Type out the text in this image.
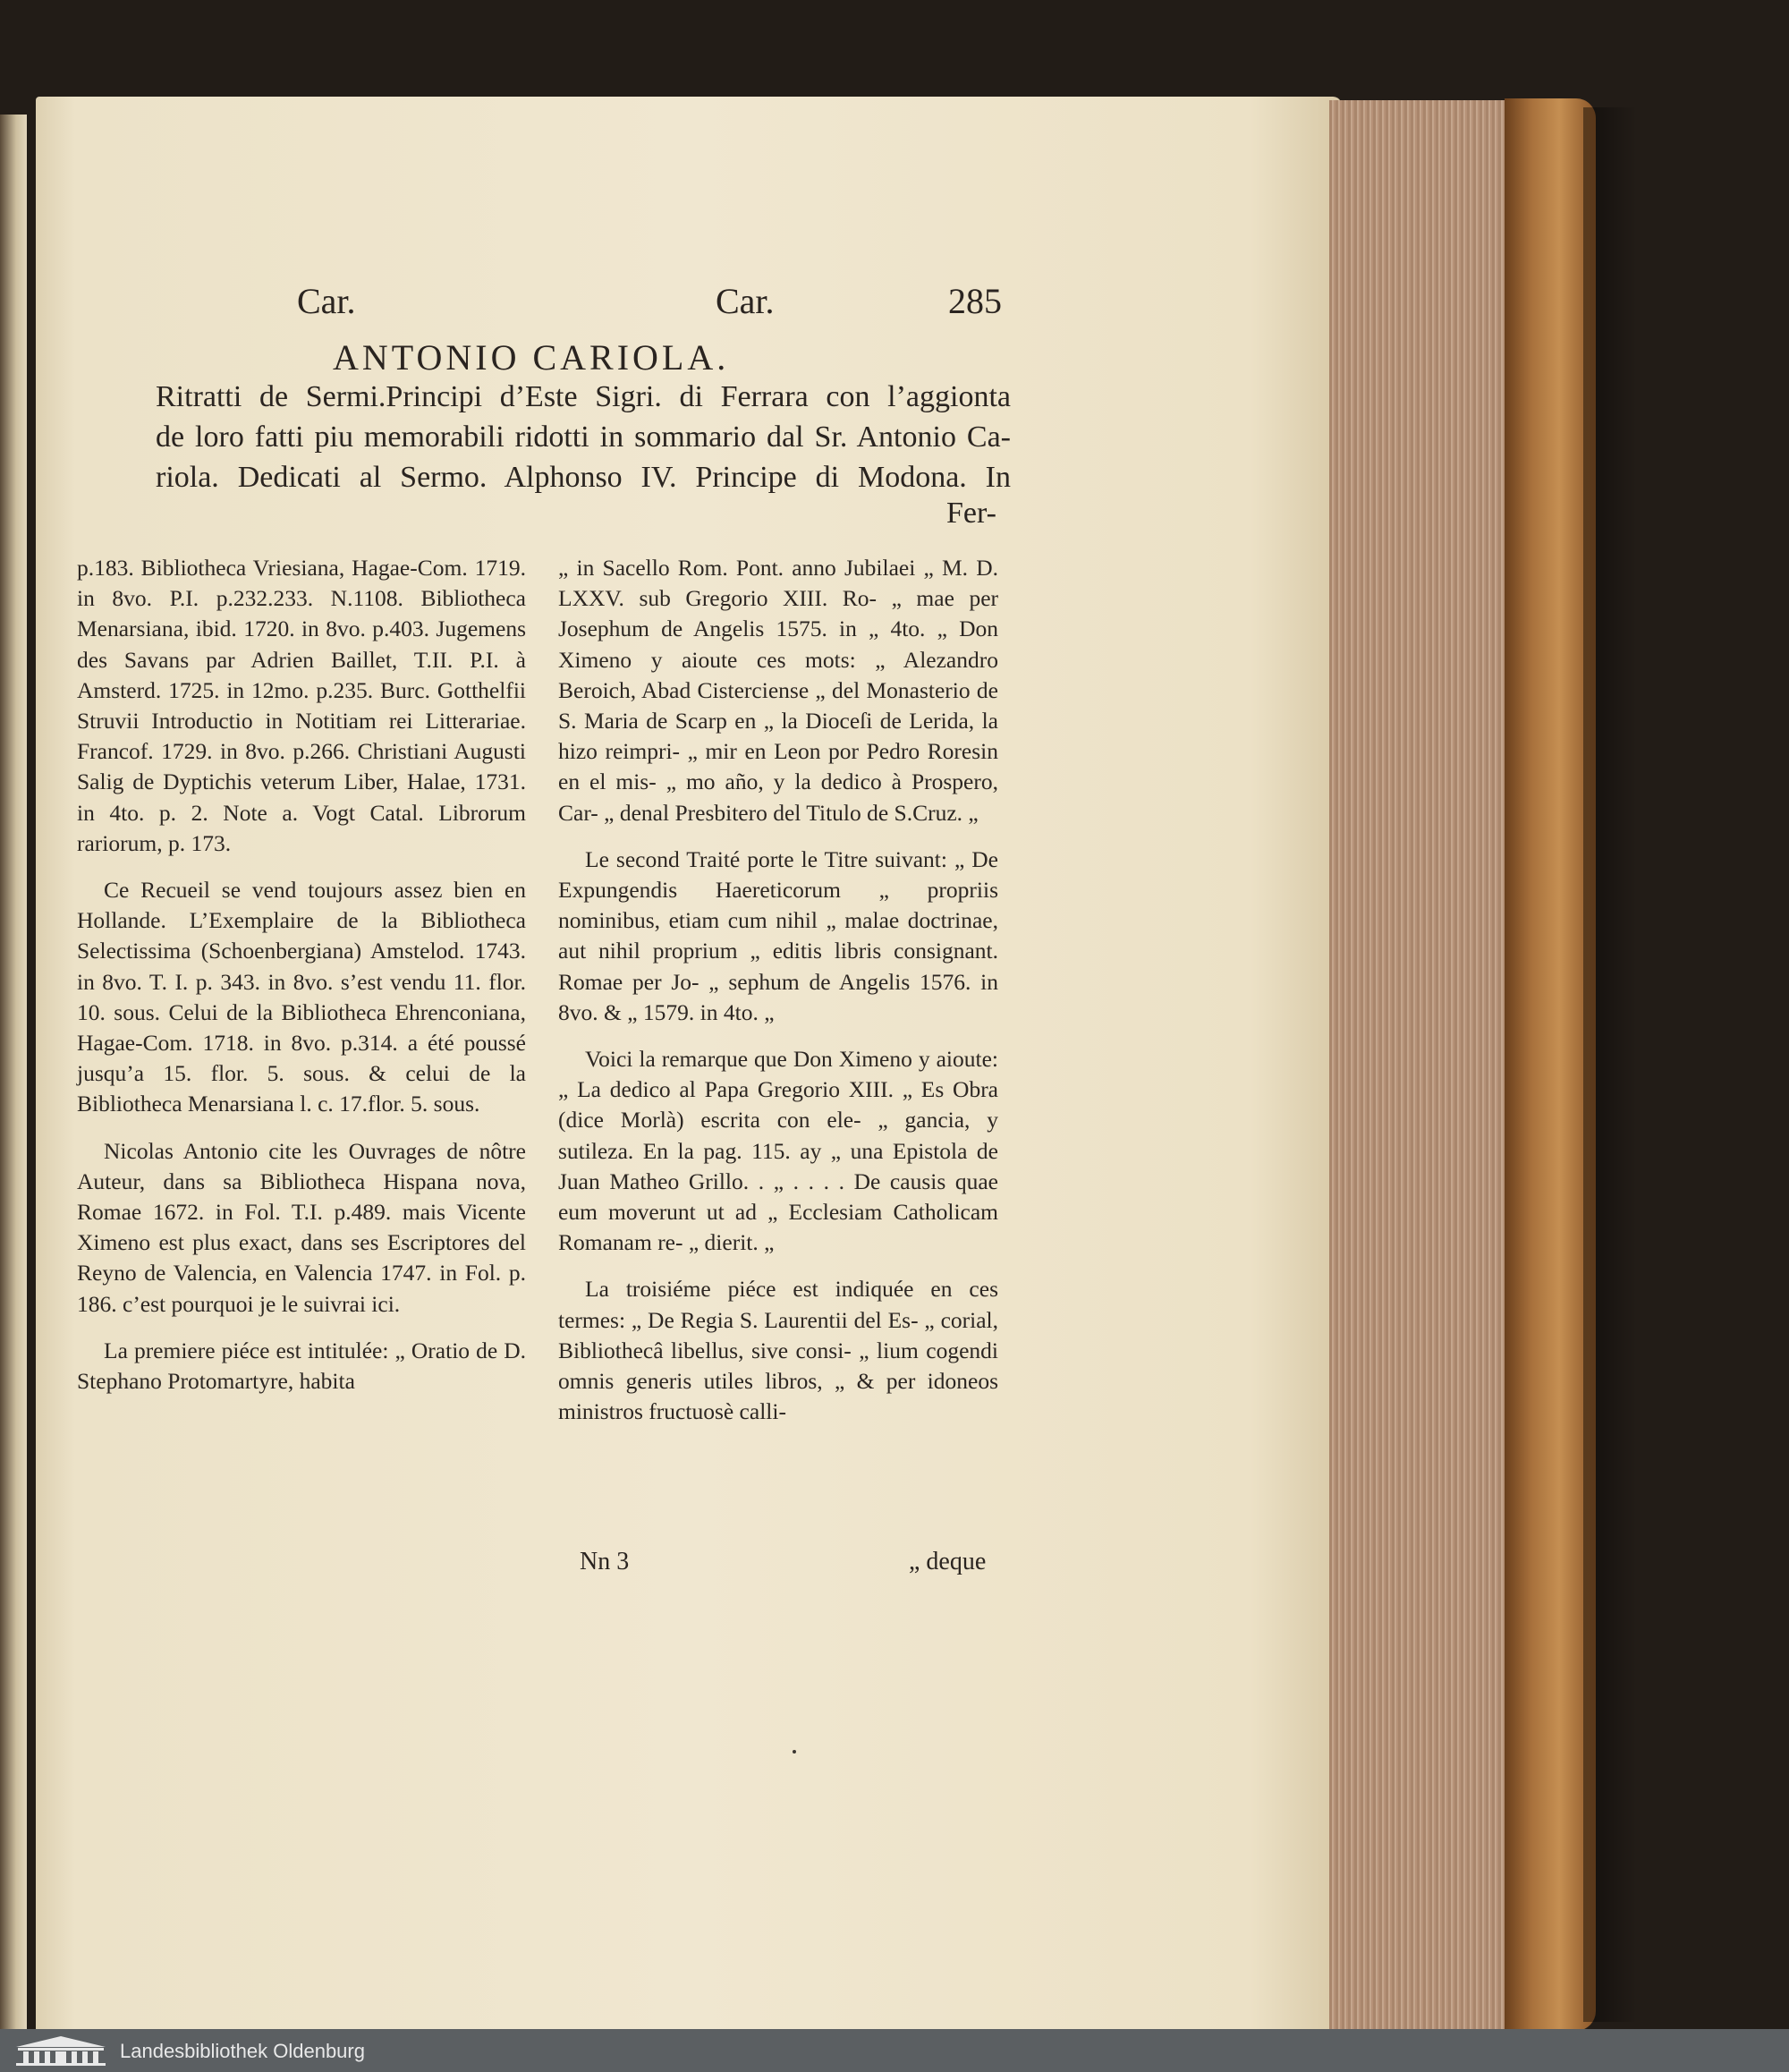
Car.	Car.	285
ANTONIO CARIOLA.
Ritratti de Sermi.Principi d’Este Sigri. di Ferrara con l’aggionta
de loro fatti piu memorabili ridotti in sommario dal Sr. Antonio Ca-
riola. Dedicati al Sermo. Alphonso IV. Principe di Modona. In
Fer-

p.183. Bibliotheca Vriesiana, Hagae-Com. 1719. in 8vo. P.I. p.232.233. N.1108. Bibliotheca Menarsiana, ibid. 1720. in 8vo. p.403. Jugemens des Savans par Adrien Baillet, T.II. P.I. à Amsterd. 1725. in 12mo. p.235. Burc. Gotthelfii Struvii Introductio in Notitiam rei Litterariae. Francof. 1729. in 8vo. p.266. Christiani Augusti Salig de Dyptichis veterum Liber, Halae, 1731. in 4to. p. 2. Note a. Vogt Catal. Librorum rariorum, p. 173.

Ce Recueil se vend toujours assez bien en Hollande. L’Exemplaire de la Bibliotheca Selectissima (Schoenbergiana) Amstelod. 1743. in 8vo. T. I. p. 343. in 8vo. s’est vendu 11. flor. 10. sous. Celui de la Bibliotheca Ehrenconiana, Hagae-Com. 1718. in 8vo. p.314. a été poussé jusqu’a 15. flor. 5. sous. & celui de la Bibliotheca Menarsiana l. c. 17.flor. 5. sous.

Nicolas Antonio cite les Ouvrages de nôtre Auteur, dans sa Bibliotheca Hispana nova, Romae 1672. in Fol. T.I. p.489. mais Vicente Ximeno est plus exact, dans ses Escriptores del Reyno de Valencia, en Valencia 1747. in Fol. p. 186. c’est pourquoi je le suivrai ici.

La premiere piéce est intitulée: „ Oratio de D. Stephano Protomartyre, habita

„ in Sacello Rom. Pont. anno Jubilaei „ M. D. LXXV. sub Gregorio XIII. Ro- „ mae per Josephum de Angelis 1575. in „ 4to. „ Don Ximeno y aioute ces mots: „ Alezandro Beroich, Abad Cisterciense „ del Monasterio de S. Maria de Scarp en „ la Dioceſi de Lerida, la hizo reimpri- „ mir en Leon por Pedro Roresin en el mis- „ mo año, y la dedico à Prospero, Car- „ denal Presbitero del Titulo de S.Cruz. „

Le second Traité porte le Titre suivant: „ De Expungendis Haereticorum „ propriis nominibus, etiam cum nihil „ malae doctrinae, aut nihil proprium „ editis libris consignant. Romae per Jo- „ sephum de Angelis 1576. in 8vo. & „ 1579. in 4to. „

Voici la remarque que Don Ximeno y aioute: „ La dedico al Papa Gregorio XIII. „ Es Obra (dice Morlà) escrita con ele- „ gancia, y sutileza. En la pag. 115. ay „ una Epistola de Juan Matheo Grillo. . „ . . . . De causis quae eum moverunt ut ad „ Ecclesiam Catholicam Romanam re- „ dierit. „

La troisiéme piéce est indiquée en ces termes: „ De Regia S. Laurentii del Es- „ corial, Bibliothecâ libellus, sive consi- „ lium cogendi omnis generis utiles libros, „ & per idoneos ministros fructuosè calli-

Nn 3	„ deque
Landesbibliothek Oldenburg
